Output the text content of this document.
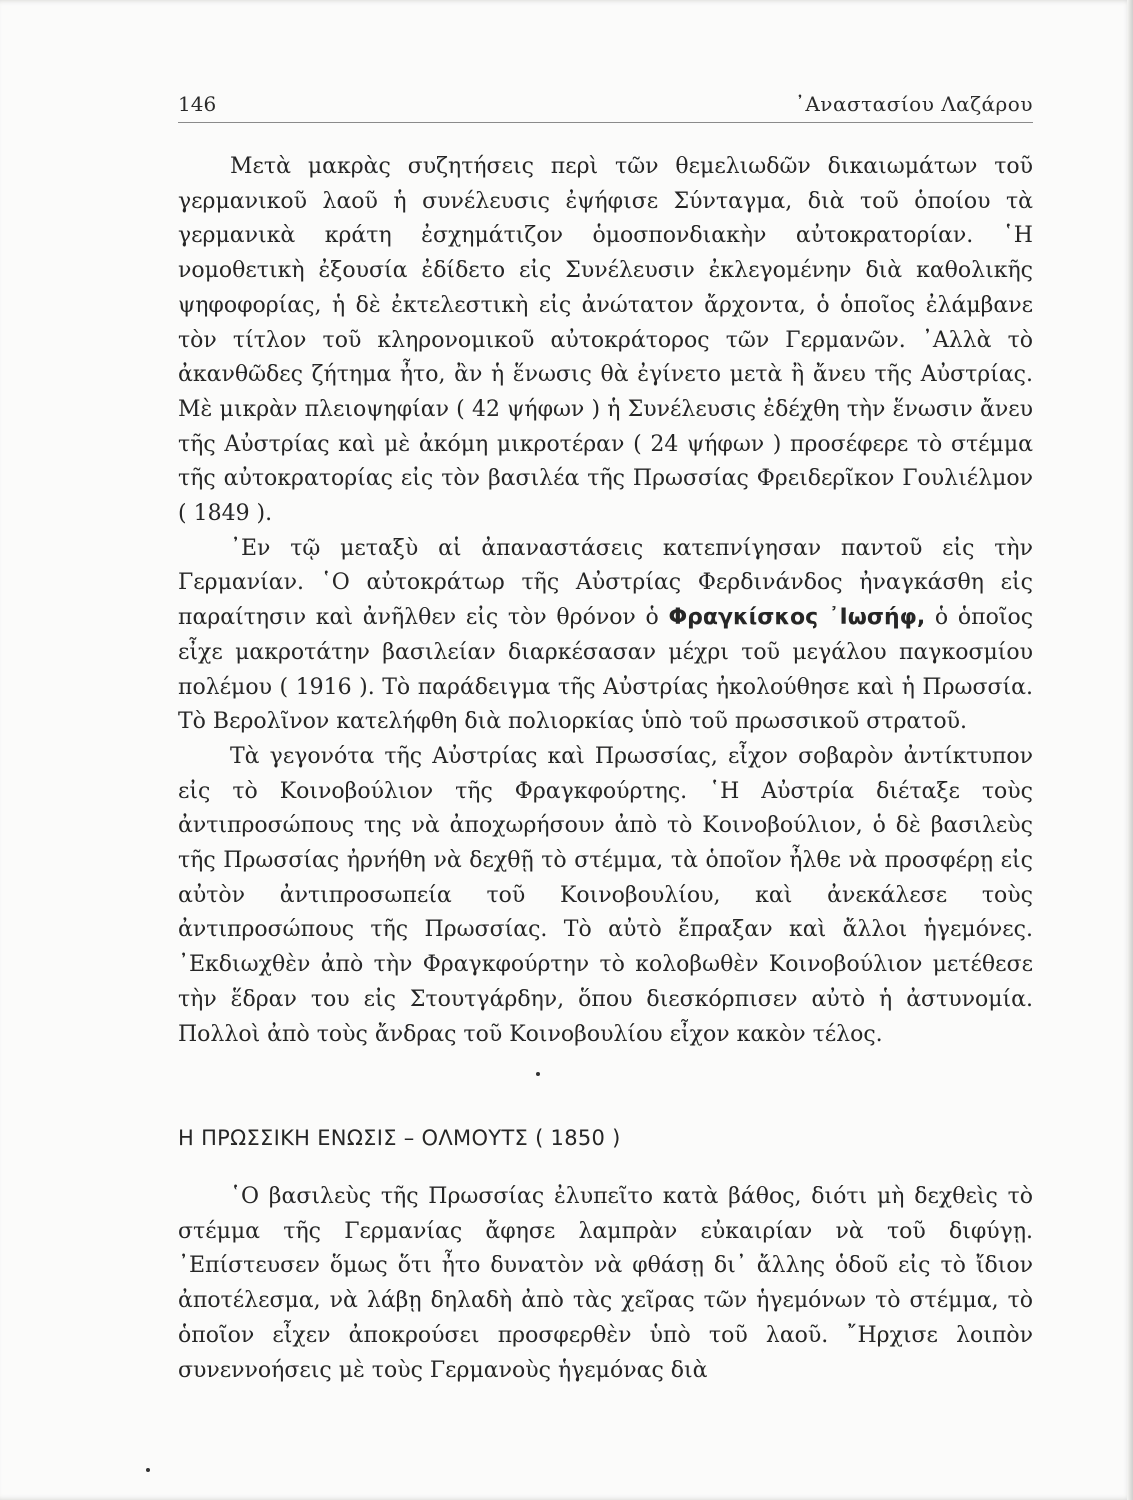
146	᾿Αναστασίου Λαζάρου

Μετὰ μακρὰς συζητήσεις περὶ τῶν θεμελιωδῶν δικαιωμάτων τοῦ γερμανικοῦ λαοῦ ἡ συνέλευσις ἐψήφισε Σύνταγμα, διὰ τοῦ ὁποίου τὰ γερμανικὰ κράτη ἐσχημάτιζον ὁμοσπονδιακὴν αὐτοκρατορίαν. ῾Η νομοθετικὴ ἐξουσία ἐδίδετο εἰς Συνέλευσιν ἐκλεγομένην διὰ καθολικῆς ψηφοφορίας, ἡ δὲ ἐκτελεστικὴ εἰς ἀνώτατον ἄρχοντα, ὁ ὁποῖος ἐλάμβανε τὸν τίτλον τοῦ κληρονομικοῦ αὐτοκράτορος τῶν Γερμανῶν. ᾿Αλλὰ τὸ ἀκανθῶδες ζήτημα ἦτο, ἂν ἡ ἕνωσις θὰ ἐγίνετο μετὰ ἢ ἄνευ τῆς Αὐστρίας. Μὲ μικρὰν πλειοψηφίαν ( 42 ψήφων ) ἡ Συνέλευσις ἐδέχθη τὴν ἕνωσιν ἄνευ τῆς Αὐστρίας καὶ μὲ ἀκόμη μικροτέραν ( 24 ψήφων ) προσέφερε τὸ στέμμα τῆς αὐτοκρατορίας εἰς τὸν βασιλέα τῆς Πρωσσίας Φρειδερῖκον Γουλιέλμον ( 1849 ).

᾿Εν τῷ μεταξὺ αἱ ἀπαναστάσεις κατεπνίγησαν παντοῦ εἰς τὴν Γερμανίαν. ῾Ο αὐτοκράτωρ τῆς Αὐστρίας Φερδινάνδος ἠναγκάσθη εἰς παραίτησιν καὶ ἀνῆλθεν εἰς τὸν θρόνον ὁ Φραγκίσκος ᾿Ιωσήφ, ὁ ὁποῖος εἶχε μακροτάτην βασιλείαν διαρκέσασαν μέχρι τοῦ μεγάλου παγκοσμίου πολέμου ( 1916 ). Τὸ παράδειγμα τῆς Αὐστρίας ἠκολούθησε καὶ ἡ Πρωσσία. Τὸ Βερολῖνον κατελήφθη διὰ πολιορκίας ὑπὸ τοῦ πρωσσικοῦ στρατοῦ.

Τὰ γεγονότα τῆς Αὐστρίας καὶ Πρωσσίας, εἶχον σοβαρὸν ἀντίκτυπον εἰς τὸ Κοινοβούλιον τῆς Φραγκφούρτης. ῾Η Αὐστρία διέταξε τοὺς ἀντιπροσώπους της νὰ ἀποχωρήσουν ἀπὸ τὸ Κοινοβούλιον, ὁ δὲ βασιλεὺς τῆς Πρωσσίας ἠρνήθη νὰ δεχθῇ τὸ στέμμα, τὰ ὁποῖον ἦλθε νὰ προσφέρῃ εἰς αὐτὸν ἀντιπροσωπεία τοῦ Κοινοβουλίου, καὶ ἀνεκάλεσε τοὺς ἀντιπροσώπους τῆς Πρωσσίας. Τὸ αὐτὸ ἔπραξαν καὶ ἄλλοι ἡγεμόνες. ᾿Εκδιωχθὲν ἀπὸ τὴν Φραγκφούρτην τὸ κολοβωθὲν Κοινοβούλιον μετέθεσε τὴν ἕδραν του εἰς Στουτγάρδην, ὅπου διεσκόρπισεν αὐτὸ ἡ ἀστυνομία. Πολλοὶ ἀπὸ τοὺς ἄνδρας τοῦ Κοινοβουλίου εἶχον κακὸν τέλος.

Η ΠΡΩΣΣΙΚΗ ΕΝΩΣΙΣ – ΟΛΜΟΥΤΣ ( 1850 )

῾Ο βασιλεὺς τῆς Πρωσσίας ἐλυπεῖτο κατὰ βάθος, διότι μὴ δεχθεὶς τὸ στέμμα τῆς Γερμανίας ἄφησε λαμπρὰν εὐκαιρίαν νὰ τοῦ διφύγῃ. ᾿Επίστευσεν ὅμως ὅτι ἦτο δυνατὸν νὰ φθάσῃ δι᾿ ἄλλης ὁδοῦ εἰς τὸ ἴδιον ἀποτέλεσμα, νὰ λάβῃ δηλαδὴ ἀπὸ τὰς χεῖρας τῶν ἡγεμόνων τὸ στέμμα, τὸ ὁποῖον εἶχεν ἀποκρούσει προσφερθὲν ὑπὸ τοῦ λαοῦ. ῎Ηρχισε λοιπὸν συνεννοήσεις μὲ τοὺς Γερμανοὺς ἡγεμόνας διὰ
